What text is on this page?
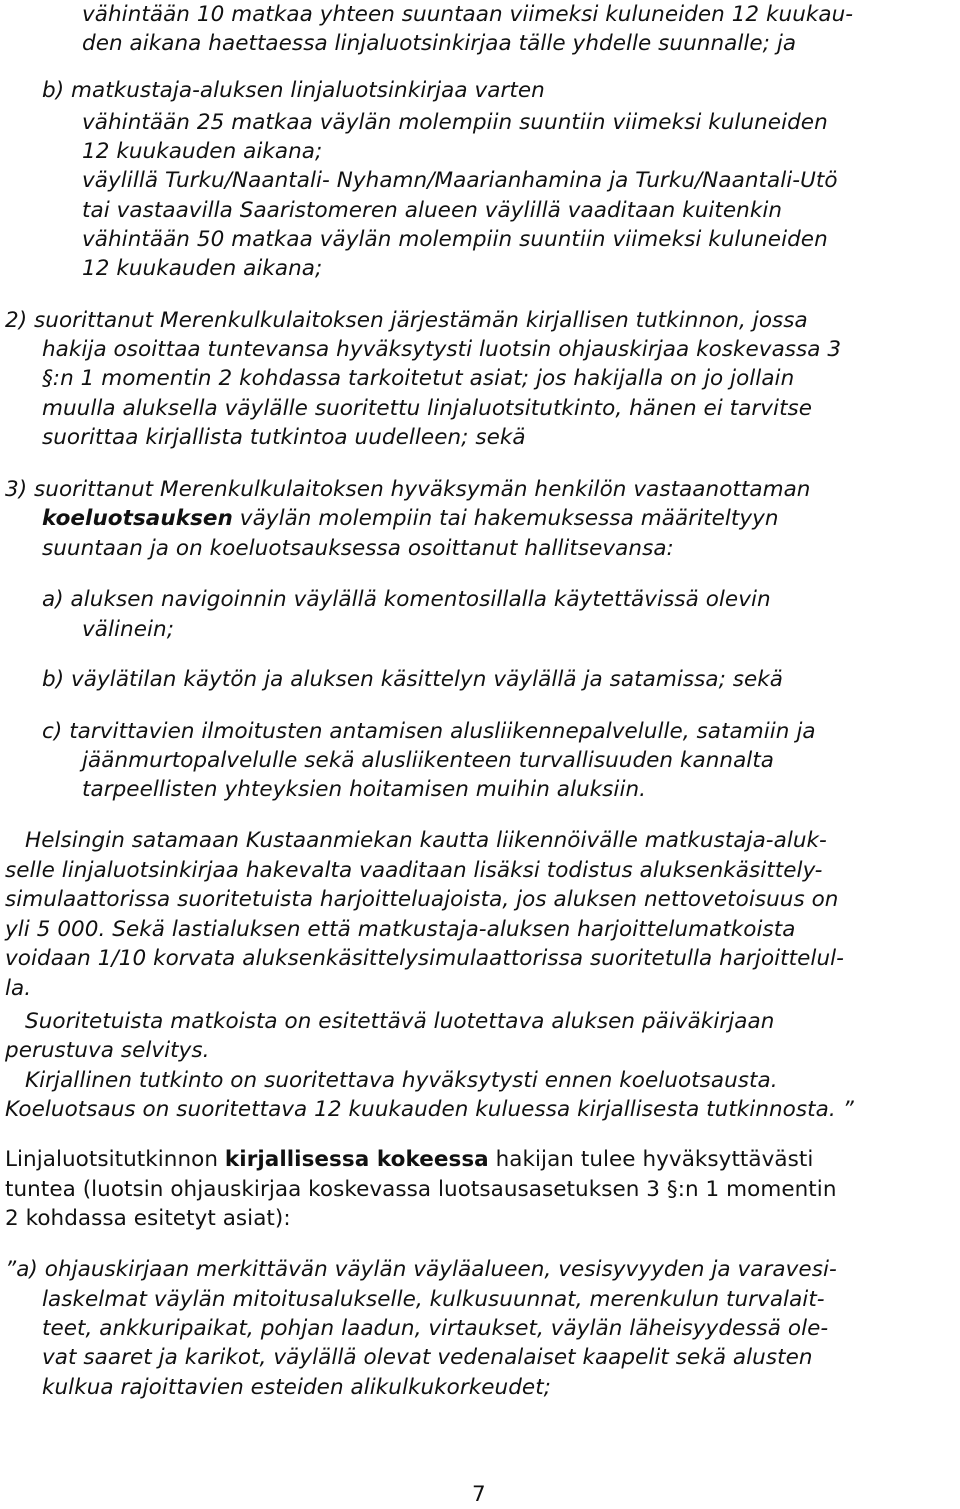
vähintään 10 matkaa yhteen suuntaan viimeksi kuluneiden 12 kuukau-
den aikana haettaessa linjaluotsinkirjaa tälle yhdelle suunnalle; ja
b) matkustaja-aluksen linjaluotsinkirjaa varten
vähintään 25 matkaa väylän molempiin suuntiin viimeksi kuluneiden
12 kuukauden aikana;
väylillä Turku/Naantali- Nyhamn/Maarianhamina ja Turku/Naantali-Utö
tai vastaavilla Saaristomeren alueen väylillä vaaditaan kuitenkin
vähintään 50 matkaa väylän molempiin suuntiin viimeksi kuluneiden
12 kuukauden aikana;
2) suorittanut Merenkulkulaitoksen järjestämän kirjallisen tutkinnon, jossa
hakija osoittaa tuntevansa hyväksytysti luotsin ohjauskirjaa koskevassa 3
§:n 1 momentin 2 kohdassa tarkoitetut asiat; jos hakijalla on jo jollain
muulla aluksella väylälle suoritettu linjaluotsitutkinto, hänen ei tarvitse
suorittaa kirjallista tutkintoa uudelleen; sekä
3) suorittanut Merenkulkulaitoksen hyväksymän henkilön vastaanottaman
koeluotsauksen väylän molempiin tai hakemuksessa määriteltyyn
suuntaan ja on koeluotsauksessa osoittanut hallitsevansa:
a) aluksen navigoinnin väylällä komentosillalla käytettävissä olevin
välinein;
b) väylätilan käytön ja aluksen käsittelyn väylällä ja satamissa; sekä
c) tarvittavien ilmoitusten antamisen alusliikennepalvelulle, satamiin ja
jäänmurtopalvelulle sekä alusliikenteen turvallisuuden kannalta
tarpeellisten yhteyksien hoitamisen muihin aluksiin.
Helsingin satamaan Kustaanmiekan kautta liikennöivälle matkustaja-aluk-
selle linjaluotsinkirjaa hakevalta vaaditaan lisäksi todistus aluksenkäsittely-
simulaattorissa suoritetuista harjoitteluajoista, jos aluksen nettovetoisuus on
yli 5 000. Sekä lastialuksen että matkustaja-aluksen harjoittelumatkoista
voidaan 1/10 korvata aluksenkäsittelysimulaattorissa suoritetulla harjoittelul-
la.
Suoritetuista matkoista on esitettävä luotettava aluksen päiväkirjaan
perustuva selvitys.
Kirjallinen tutkinto on suoritettava hyväksytysti ennen koeluotsausta.
Koeluotsaus on suoritettava 12 kuukauden kuluessa kirjallisesta tutkinnosta. ”
Linjaluotsitutkinnon kirjallisessa kokeessa hakijan tulee hyväksyttävästi
tuntea (luotsin ohjauskirjaa koskevassa luotsausasetuksen 3 §:n 1 momentin
2 kohdassa esitetyt asiat):
”a) ohjauskirjaan merkittävän väylän väyläalueen, vesisyvyyden ja varavesi-
laskelmat väylän mitoitusalukselle, kulkusuunnat, merenkulun turvalait-
teet, ankkuripaikat, pohjan laadun, virtaukset, väylän läheisyydessä ole-
vat saaret ja karikot, väylällä olevat vedenalaiset kaapelit sekä alusten
kulkua rajoittavien esteiden alikulkukorkeudet;
7
